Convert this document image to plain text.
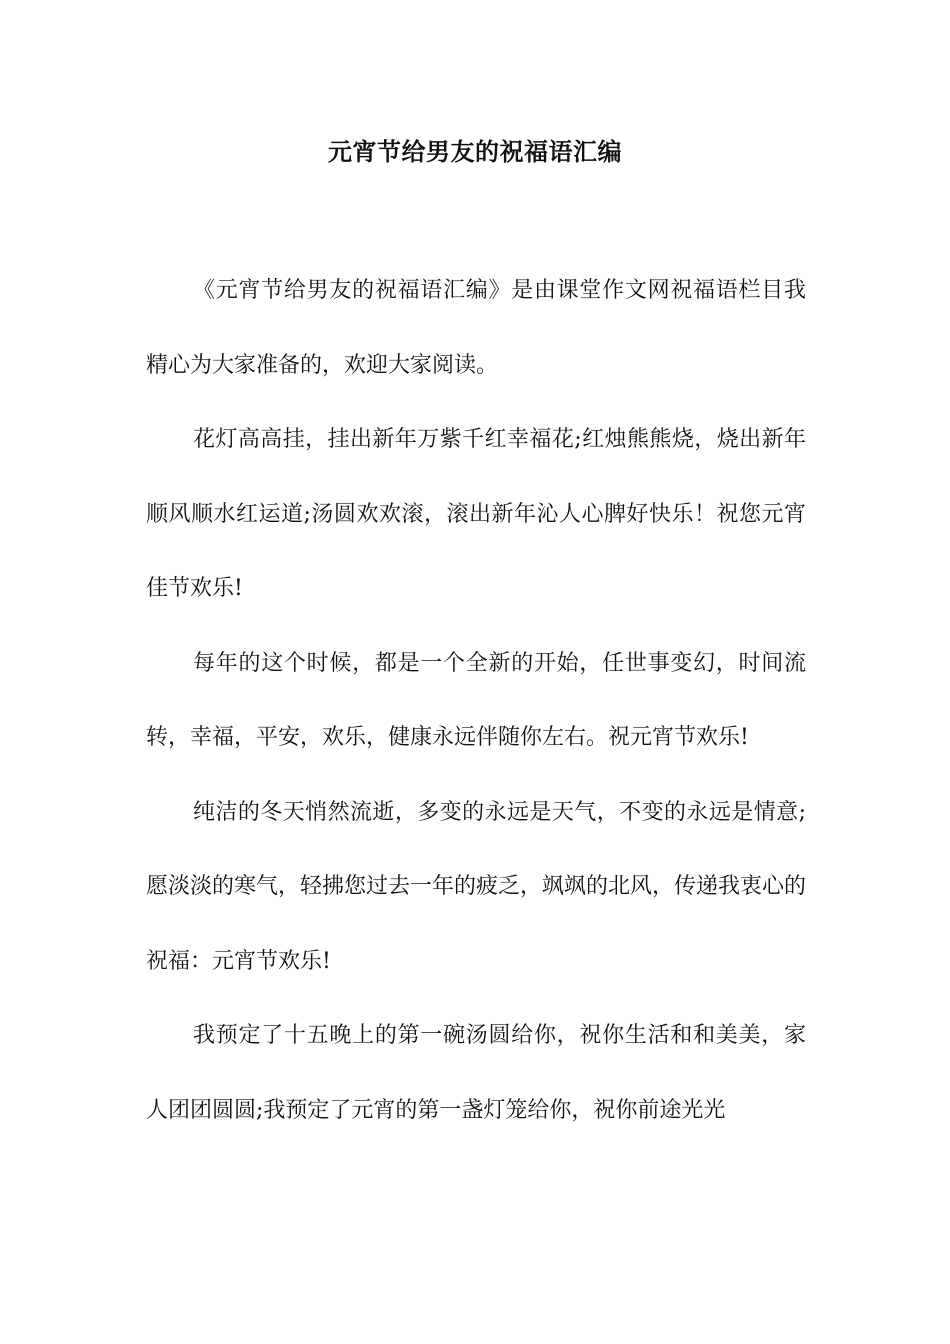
元宵节给男友的祝福语汇编

《元宵节给男友的祝福语汇编》是由课堂作文网祝福语栏目我精心为大家准备的，欢迎大家阅读。

花灯高高挂，挂出新年万紫千红幸福花;红烛熊熊烧，烧出新年顺风顺水红运道;汤圆欢欢滚，滚出新年沁人心脾好快乐！祝您元宵佳节欢乐!

每年的这个时候，都是一个全新的开始，任世事变幻，时间流转，幸福，平安，欢乐，健康永远伴随你左右。祝元宵节欢乐!

纯洁的冬天悄然流逝，多变的永远是天气，不变的永远是情意;愿淡淡的寒气，轻拂您过去一年的疲乏，飒飒的北风，传递我衷心的祝福：元宵节欢乐!

我预定了十五晚上的第一碗汤圆给你，祝你生活和和美美，家人团团圆圆;我预定了元宵的第一盏灯笼给你，祝你前途光光
